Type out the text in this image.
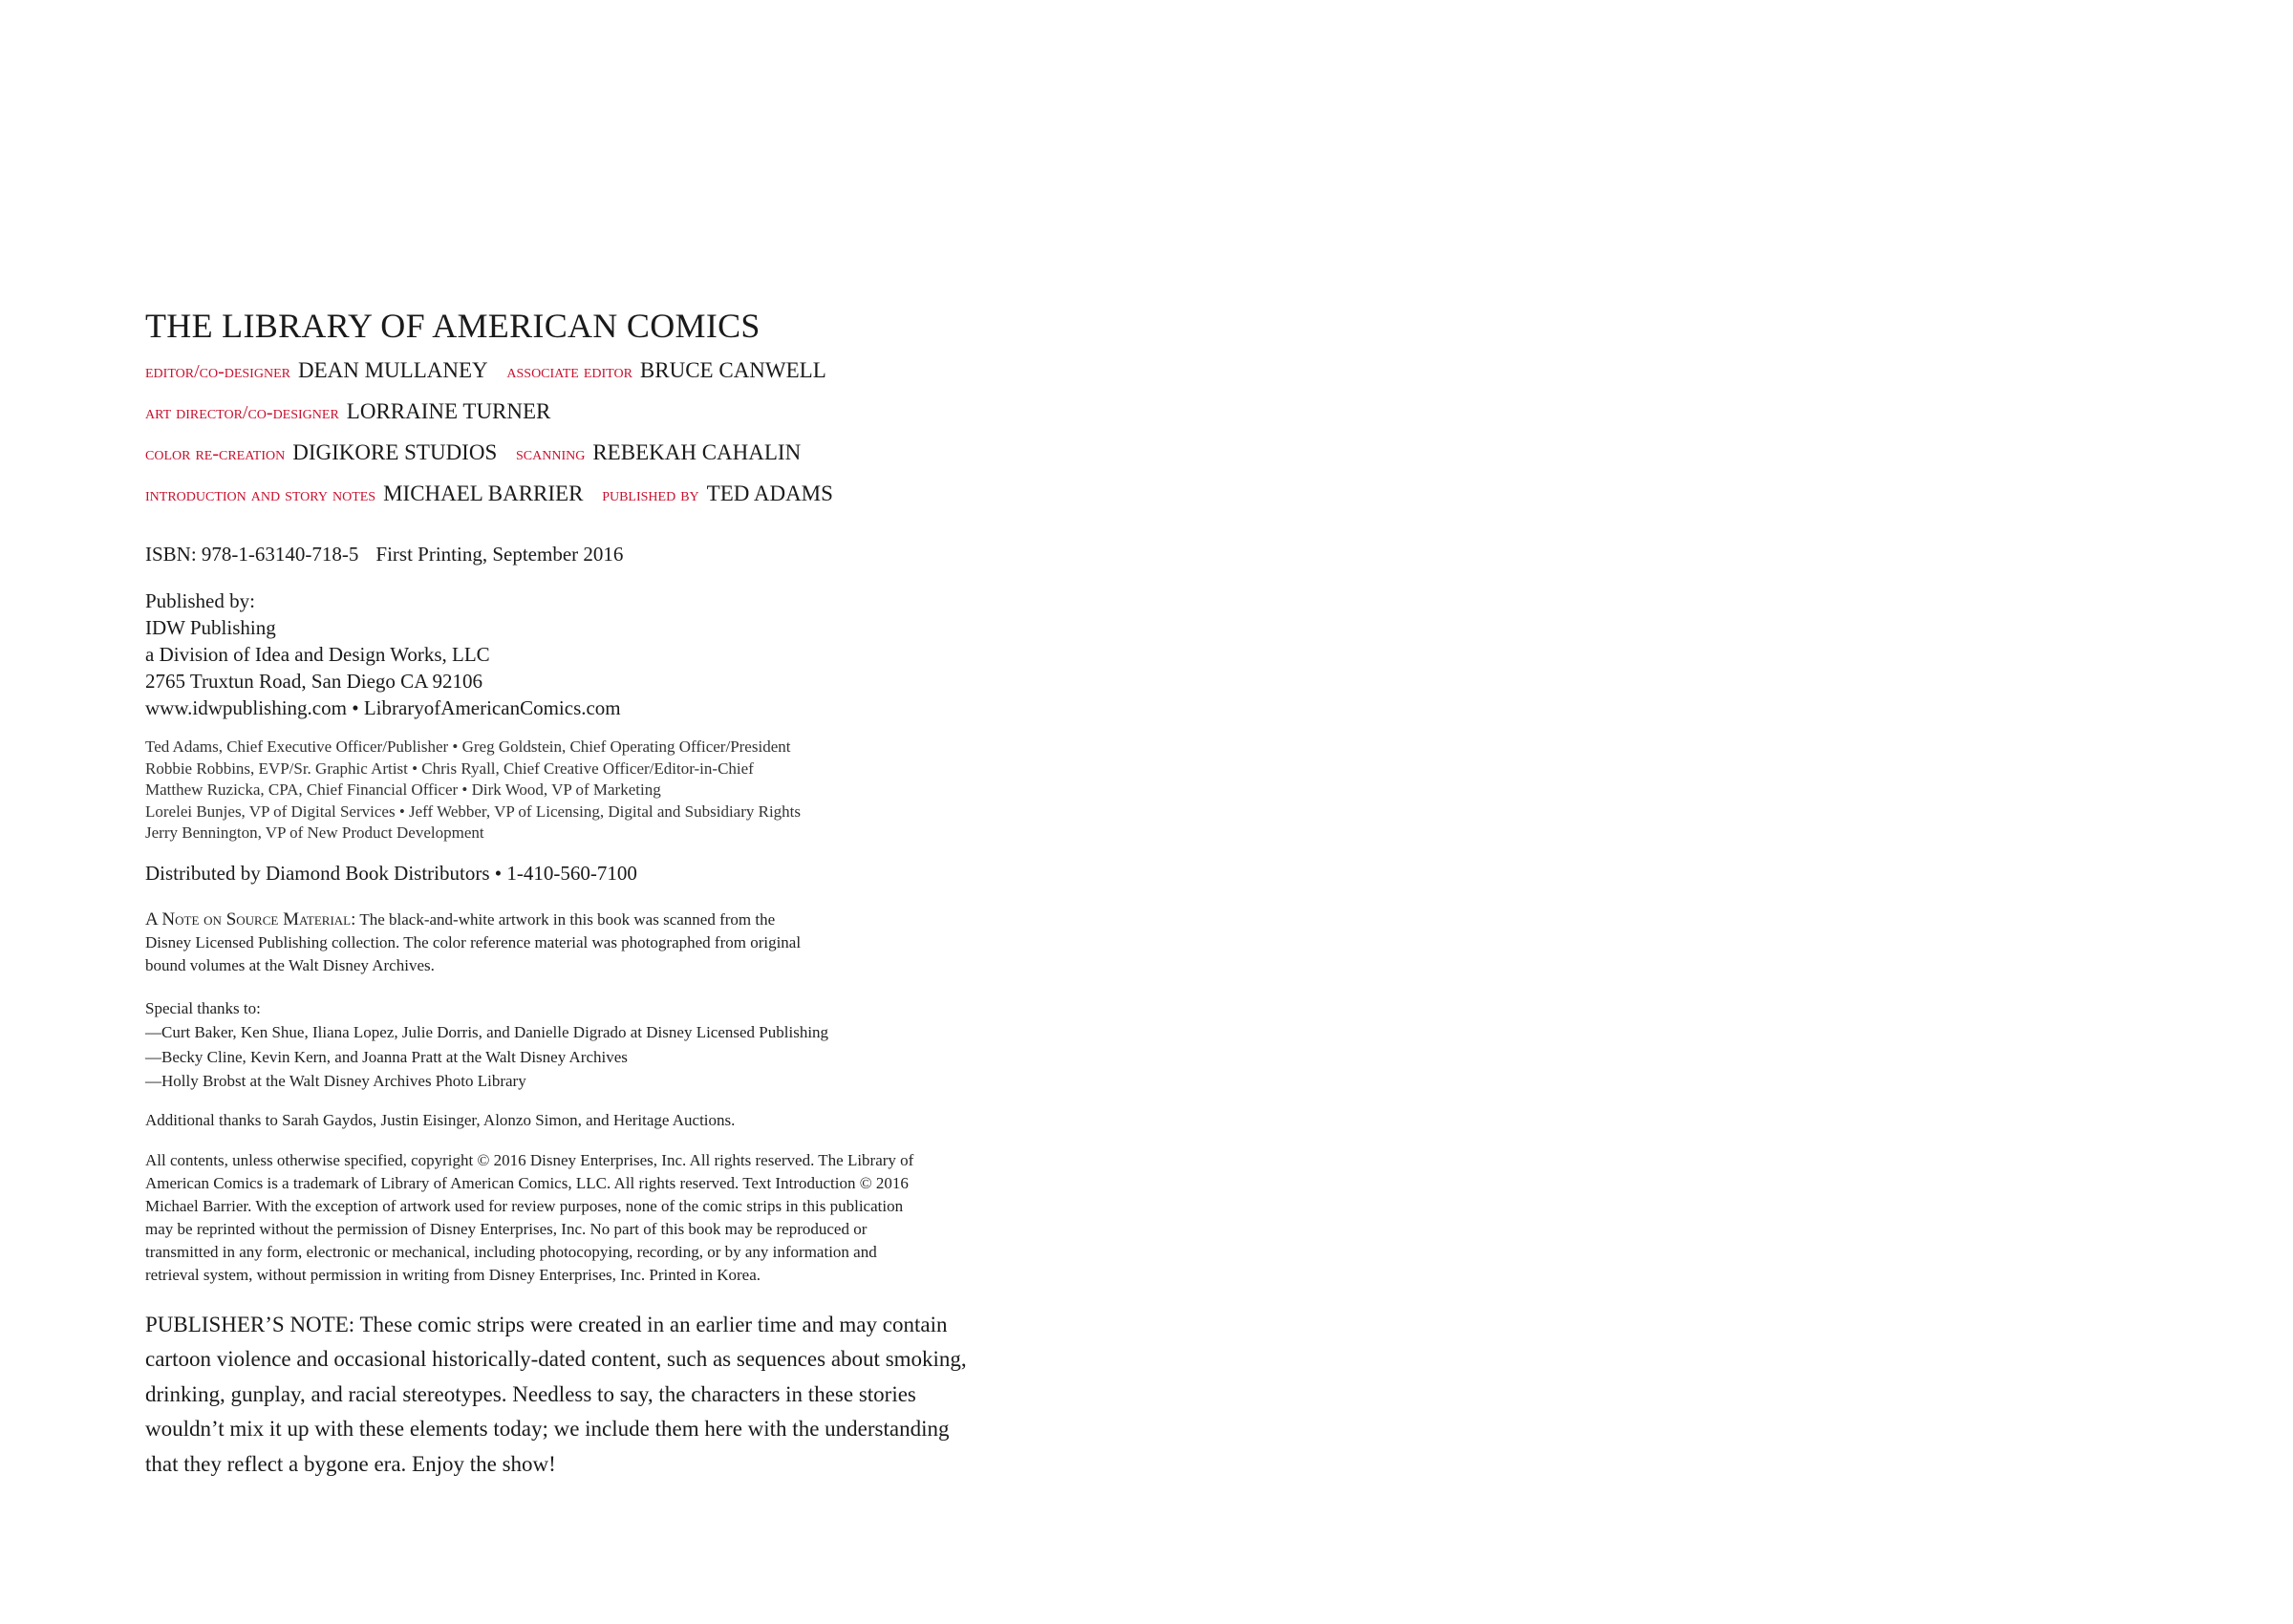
THE LIBRARY OF AMERICAN COMICS
editor/co-designer DEAN MULLANEY associate editor BRUCE CANWELL
art director/co-designer LORRAINE TURNER
color re-creation DIGIKORE STUDIOS scanning REBEKAH CAHALIN
introduction and story notes MICHAEL BARRIER published by TED ADAMS
ISBN: 978-1-63140-718-5 First Printing, September 2016
Published by:
IDW Publishing
a Division of Idea and Design Works, LLC
2765 Truxtun Road, San Diego CA 92106
www.idwpublishing.com • LibraryofAmericanComics.com
Ted Adams, Chief Executive Officer/Publisher • Greg Goldstein, Chief Operating Officer/President
Robbie Robbins, EVP/Sr. Graphic Artist • Chris Ryall, Chief Creative Officer/Editor-in-Chief
Matthew Ruzicka, CPA, Chief Financial Officer • Dirk Wood, VP of Marketing
Lorelei Bunjes, VP of Digital Services • Jeff Webber, VP of Licensing, Digital and Subsidiary Rights
Jerry Bennington, VP of New Product Development
Distributed by Diamond Book Distributors • 1-410-560-7100
A Note on Source Material: The black-and-white artwork in this book was scanned from the
Disney Licensed Publishing collection. The color reference material was photographed from original
bound volumes at the Walt Disney Archives.
Special thanks to:
—Curt Baker, Ken Shue, Iliana Lopez, Julie Dorris, and Danielle Digrado at Disney Licensed Publishing
—Becky Cline, Kevin Kern, and Joanna Pratt at the Walt Disney Archives
—Holly Brobst at the Walt Disney Archives Photo Library
Additional thanks to Sarah Gaydos, Justin Eisinger, Alonzo Simon, and Heritage Auctions.
All contents, unless otherwise specified, copyright © 2016 Disney Enterprises, Inc. All rights reserved. The Library of
American Comics is a trademark of Library of American Comics, LLC. All rights reserved. Text Introduction © 2016
Michael Barrier. With the exception of artwork used for review purposes, none of the comic strips in this publication
may be reprinted without the permission of Disney Enterprises, Inc. No part of this book may be reproduced or
transmitted in any form, electronic or mechanical, including photocopying, recording, or by any information and
retrieval system, without permission in writing from Disney Enterprises, Inc. Printed in Korea.
PUBLISHER’S NOTE: These comic strips were created in an earlier time and may contain
cartoon violence and occasional historically-dated content, such as sequences about smoking,
drinking, gunplay, and racial stereotypes. Needless to say, the characters in these stories
wouldn’t mix it up with these elements today; we include them here with the understanding
that they reflect a bygone era. Enjoy the show!
